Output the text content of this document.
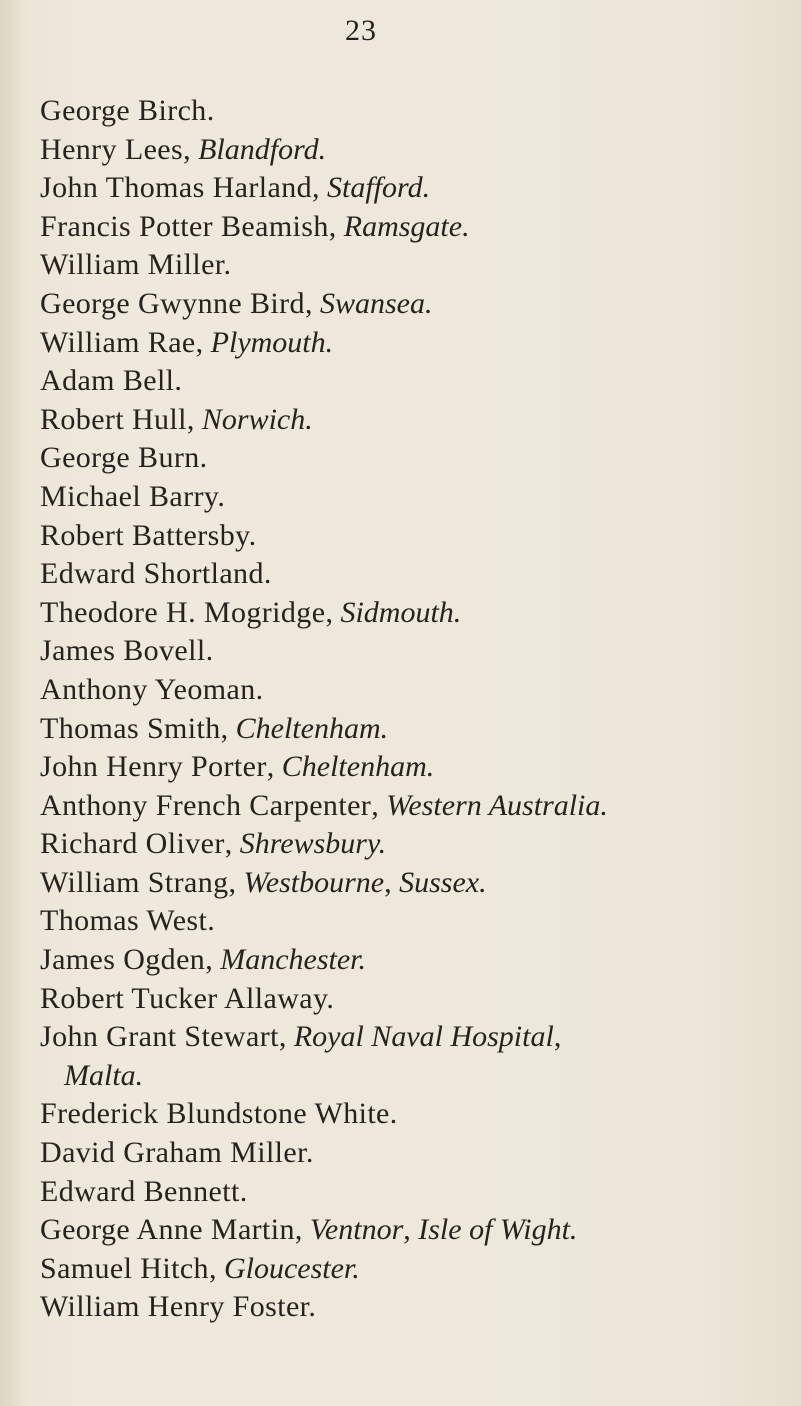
23
George Birch.
Henry Lees, Blandford.
John Thomas Harland, Stafford.
Francis Potter Beamish, Ramsgate.
William Miller.
George Gwynne Bird, Swansea.
William Rae, Plymouth.
Adam Bell.
Robert Hull, Norwich.
George Burn.
Michael Barry.
Robert Battersby.
Edward Shortland.
Theodore H. Mogridge, Sidmouth.
James Bovell.
Anthony Yeoman.
Thomas Smith, Cheltenham.
John Henry Porter, Cheltenham.
Anthony French Carpenter, Western Australia.
Richard Oliver, Shrewsbury.
William Strang, Westbourne, Sussex.
Thomas West.
James Ogden, Manchester.
Robert Tucker Allaway.
John Grant Stewart, Royal Naval Hospital,
Malta.
Frederick Blundstone White.
David Graham Miller.
Edward Bennett.
George Anne Martin, Ventnor, Isle of Wight.
Samuel Hitch, Gloucester.
William Henry Foster.
